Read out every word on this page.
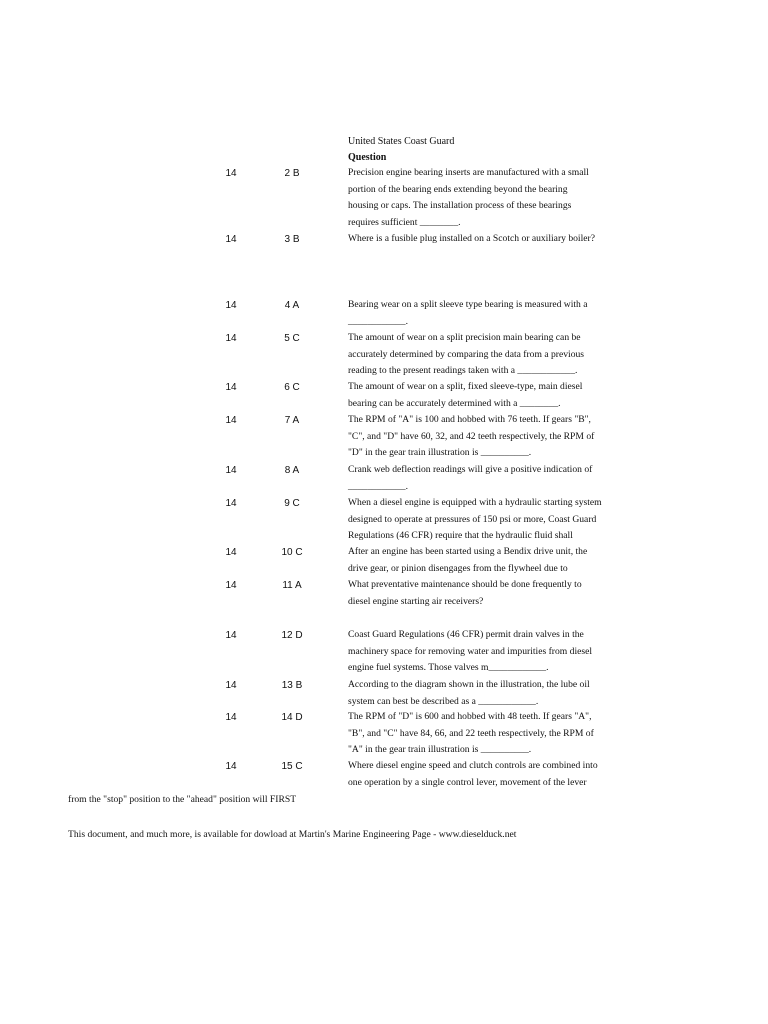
United States Coast Guard
Question
14	2 B	Precision engine bearing inserts are manufactured with a small
portion of the bearing ends extending beyond the bearing
housing or caps. The installation process of these bearings
requires sufficient ________.
14	3 B	Where is a fusible plug installed on a Scotch or auxiliary boiler?
14	4 A	Bearing wear on a split sleeve type bearing is measured with a
____________.
14	5 C	The amount of wear on a split precision main bearing can be
accurately determined by comparing the data from a previous
reading to the present readings taken with a ____________.
14	6 C	The amount of wear on a split, fixed sleeve-type, main diesel
bearing can be accurately determined with a ________.
14	7 A	The RPM of "A" is 100 and hobbed with 76 teeth. If gears "B",
"C", and "D" have 60, 32, and 42 teeth respectively, the RPM of
"D" in the gear train illustration is __________.
14	8 A	Crank web deflection readings will give a positive indication of
____________.
14	9 C	When a diesel engine is equipped with a hydraulic starting system
designed to operate at pressures of 150 psi or more, Coast Guard
Regulations (46 CFR) require that the hydraulic fluid shall
14	10 C	After an engine has been started using a Bendix drive unit, the
drive gear, or pinion disengages from the flywheel due to
14	11 A	What preventative maintenance should be done frequently to
diesel engine starting air receivers?
14	12 D	Coast Guard Regulations (46 CFR) permit drain valves in the
machinery space for removing water and impurities from diesel
engine fuel systems. Those valves m____________.
14	13 B	According to the diagram shown in the illustration, the lube oil
system can best be described as a ____________.
14	14 D	The RPM of "D" is 600 and hobbed with 48 teeth. If gears "A",
"B", and "C" have 84, 66, and 22 teeth respectively, the RPM of
"A" in the gear train illustration is __________.
14	15 C	Where diesel engine speed and clutch controls are combined into
one operation by a single control lever, movement of the lever
from the "stop" position to the "ahead" position will FIRST
This document, and much more, is available for dowload at Martin's Marine Engineering Page - www.dieselduck.net
